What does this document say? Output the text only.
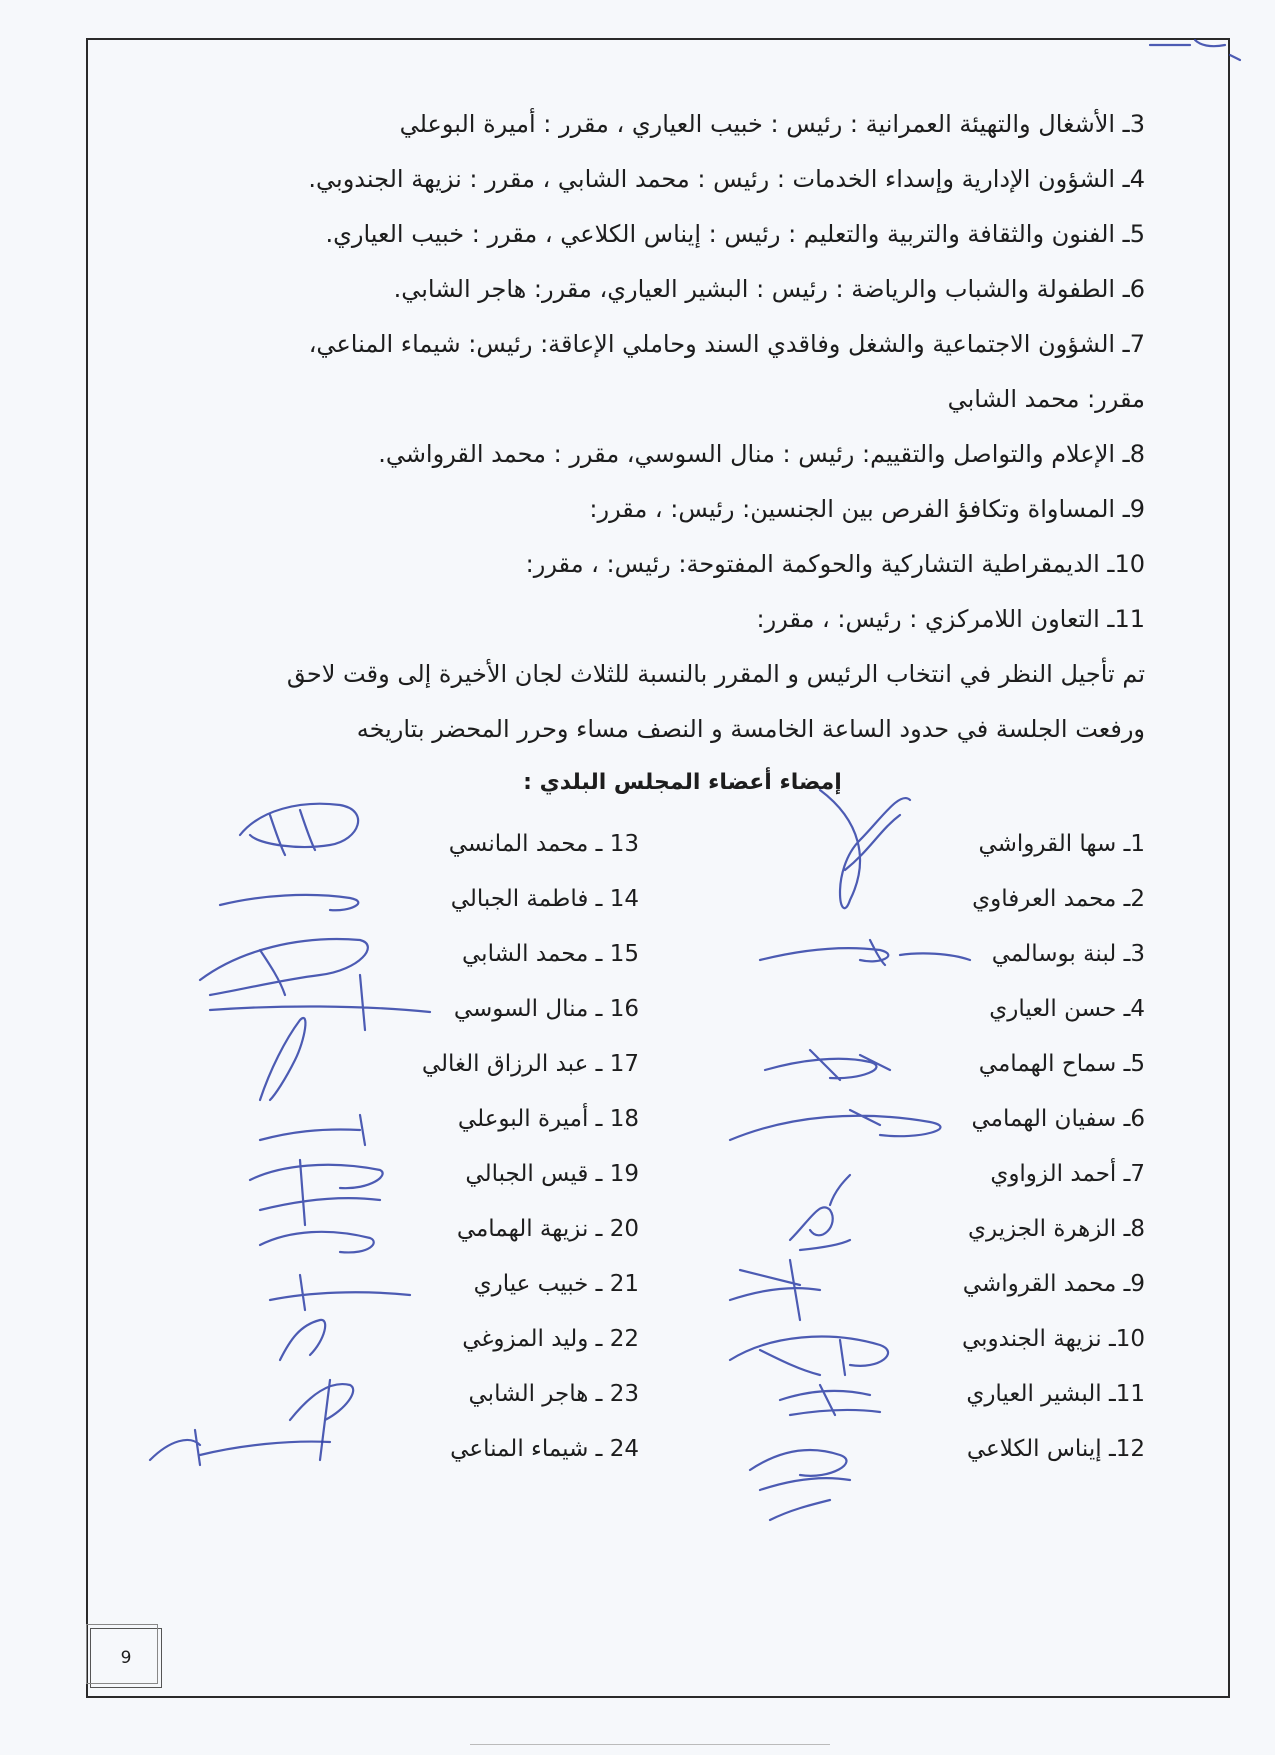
3ـ الأشغال والتهيئة العمرانية : رئيس : خبيب العياري ، مقرر : أميرة البوعلي
4ـ الشؤون الإدارية وإسداء الخدمات : رئيس : محمد الشابي ، مقرر : نزيهة الجندوبي.
5ـ الفنون والثقافة والتربية والتعليم : رئيس : إيناس الكلاعي ، مقرر : خبيب العياري.
6ـ الطفولة والشباب والرياضة : رئيس : البشير العياري، مقرر: هاجر الشابي.
7ـ الشؤون الاجتماعية والشغل وفاقدي السند وحاملي الإعاقة: رئيس: شيماء المناعي،
مقرر: محمد الشابي
8ـ الإعلام والتواصل والتقييم: رئيس : منال السوسي، مقرر : محمد القرواشي.
9ـ المساواة وتكافؤ الفرص بين الجنسين: رئيس: ، مقرر:
10ـ الديمقراطية التشاركية والحوكمة المفتوحة: رئيس: ، مقرر:
11ـ التعاون اللامركزي : رئيس: ، مقرر:
تم تأجيل النظر في انتخاب الرئيس و المقرر بالنسبة للثلاث لجان الأخيرة إلى وقت لاحق
ورفعت الجلسة في حدود الساعة الخامسة و النصف مساء وحرر المحضر بتاريخه
إمضاء أعضاء المجلس البلدي :
1ـ سها القرواشي
2ـ محمد العرفاوي
3ـ لبنة بوسالمي
4ـ حسن العياري
5ـ سماح الهمامي
6ـ سفيان الهمامي
7ـ أحمد الزواوي
8ـ الزهرة الجزيري
9ـ محمد القرواشي
10ـ نزيهة الجندوبي
11ـ البشير العياري
12ـ إيناس الكلاعي
13 ـ محمد المانسي
14 ـ فاطمة الجبالي
15 ـ محمد الشابي
16 ـ منال السوسي
17 ـ عبد الرزاق الغالي
18 ـ أميرة البوعلي
19 ـ قيس الجبالي
20 ـ نزيهة الهمامي
21 ـ خبيب عياري
22 ـ وليد المزوغي
23 ـ هاجر الشابي
24 ـ شيماء المناعي
9
